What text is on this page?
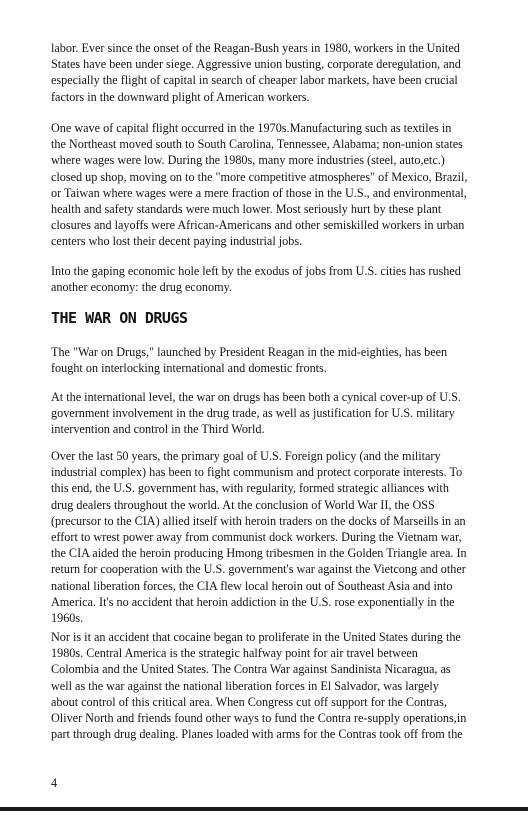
labor. Ever since the onset of the Reagan-Bush years in 1980, workers in the United
States have been under siege. Aggressive union busting, corporate deregulation, and
especially the flight of capital in search of cheaper labor markets, have been crucial
factors in the downward plight of American workers.

One wave of capital flight occurred in the 1970s.Manufacturing such as textiles in
the Northeast moved south to South Carolina, Tennessee, Alabama; non-union states
where wages were low. During the 1980s, many more industries (steel, auto,etc.)
closed up shop, moving on to the "more competitive atmospheres" of Mexico, Brazil,
or Taiwan where wages were a mere fraction of those in the U.S., and environmental,
health and safety standards were much lower. Most seriously hurt by these plant
closures and layoffs were African-Americans and other semiskilled workers in urban
centers who lost their decent paying industrial jobs.

Into the gaping economic hole left by the exodus of jobs from U.S. cities has rushed
another economy: the drug economy.

THE WAR ON DRUGS

The "War on Drugs," launched by President Reagan in the mid-eighties, has been
fought on interlocking international and domestic fronts.

At the international level, the war on drugs has been both a cynical cover-up of U.S.
government involvement in the drug trade, as well as justification for U.S. military
intervention and control in the Third World.

Over the last 50 years, the primary goal of U.S. Foreign policy (and the military
industrial complex) has been to fight communism and protect corporate interests. To
this end, the U.S. government has, with regularity, formed strategic alliances with
drug dealers throughout the world. At the conclusion of World War II, the OSS
(precursor to the CIA) allied itself with heroin traders on the docks of Marseills in an
effort to wrest power away from communist dock workers. During the Vietnam war,
the CIA aided the heroin producing Hmong tribesmen in the Golden Triangle area. In
return for cooperation with the U.S. government's war against the Vietcong and other
national liberation forces, the CIA flew local heroin out of Southeast Asia and into
America. It's no accident that heroin addiction in the U.S. rose exponentially in the
1960s.

Nor is it an accident that cocaine began to proliferate in the United States during the
1980s. Central America is the strategic halfway point for air travel between
Colombia and the United States. The Contra War against Sandinista Nicaragua, as
well as the war against the national liberation forces in El Salvador, was largely
about control of this critical area. When Congress cut off support for the Contras,
Oliver North and friends found other ways to fund the Contra re-supply operations,in
part through drug dealing. Planes loaded with arms for the Contras took off from the

4
